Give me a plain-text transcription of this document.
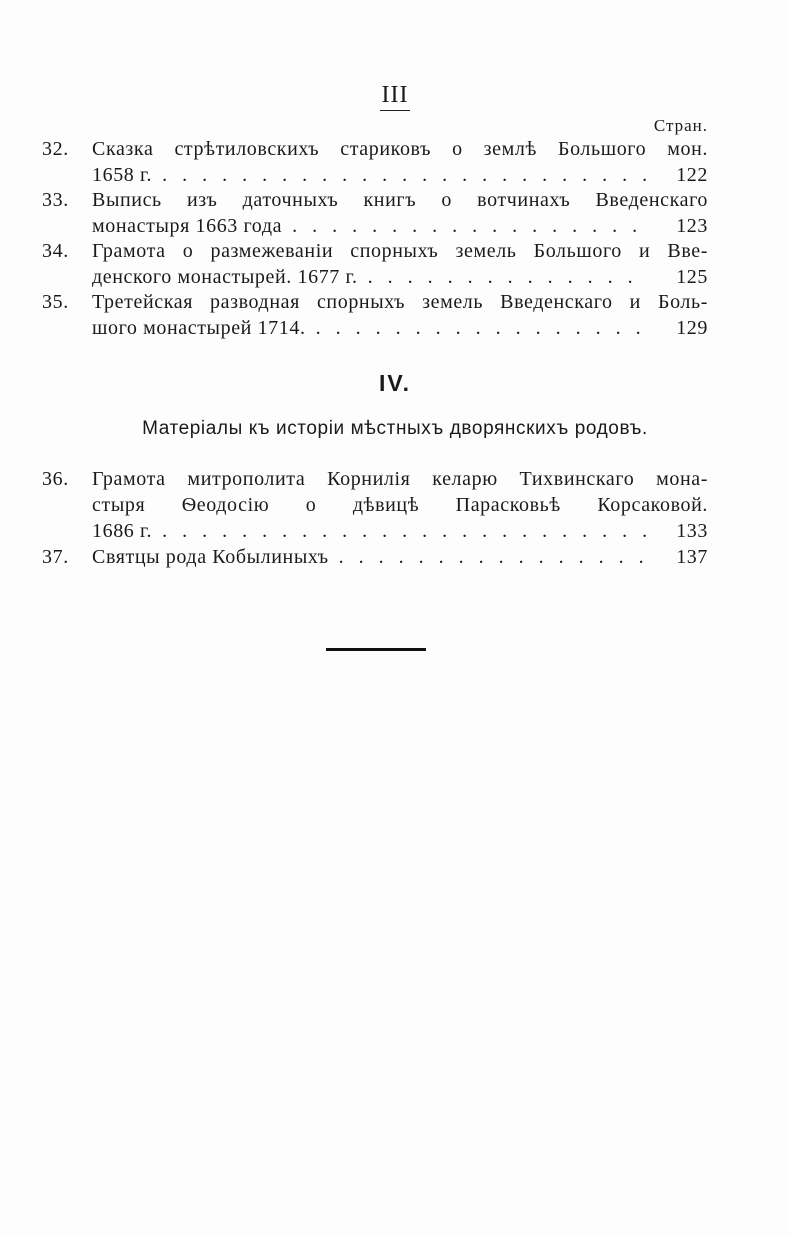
III
Стран.
32. Сказка стрѣтиловскихъ стариковъ о землѣ Большого мон.
1658 г. . . .	122
33. Выпись изъ даточныхъ книгъ о вотчинахъ Введенскаго
монастыря 1663 года . . .	123
34. Грамота о размежеваніи спорныхъ земель Большого и Вве-
денского монастырей. 1677 г. . . .	125
35. Третейская разводная спорныхъ земель Введенскаго и Боль-
шого монастырей 1714. . . .	129
IV.
Матеріалы къ исторіи мѣстныхъ дворянскихъ родовъ.
36. Грамота митрополита Корнилія келарю Тихвинскаго мона-
стыря Ѳеодосію о дѣвицѣ Парасковьѣ Корсаковой.
1686 г. . . .	133
37. Святцы рода Кобылиныхъ . . .	137
